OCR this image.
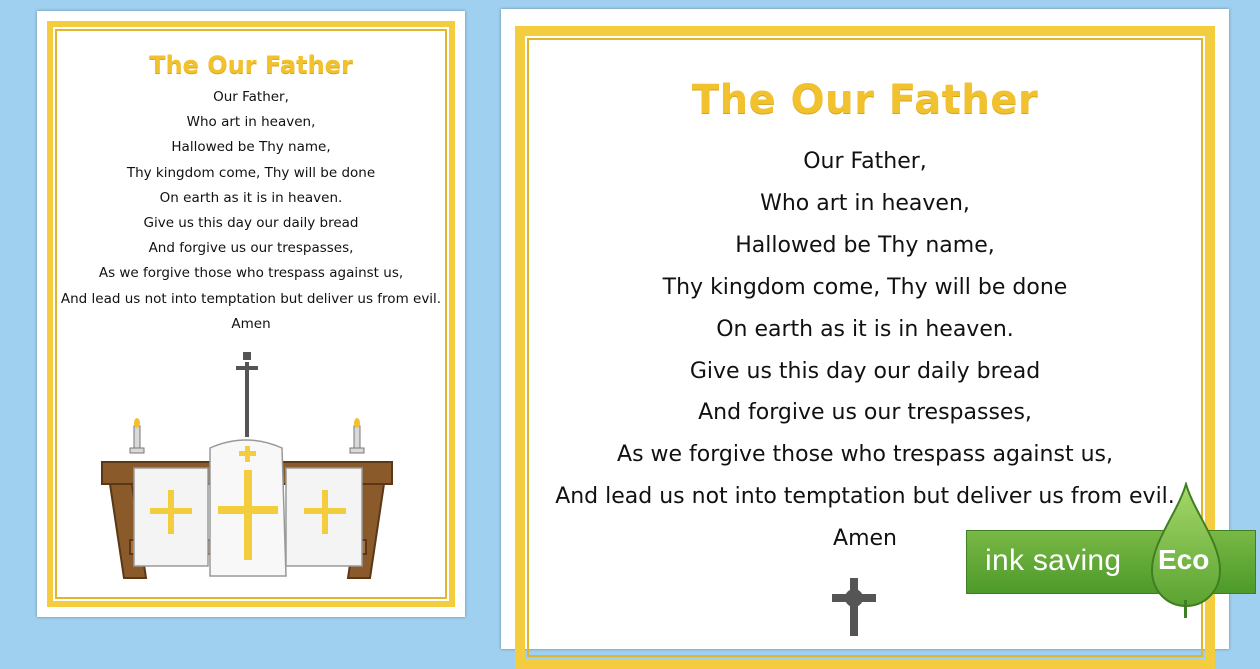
The Our Father
Our Father,
Who art in heaven,
Hallowed be Thy name,
Thy kingdom come, Thy will be done
On earth as it is in heaven.
Give us this day our daily bread
And forgive us our trespasses,
As we forgive those who trespass against us,
And lead us not into temptation but deliver us from evil.
Amen
The Our Father
Our Father,
Who art in heaven,
Hallowed be Thy name,
Thy kingdom come, Thy will be done
On earth as it is in heaven.
Give us this day our daily bread
And forgive us our trespasses,
As we forgive those who trespass against us,
And lead us not into temptation but deliver us from evil.
Amen
ink saving Eco
